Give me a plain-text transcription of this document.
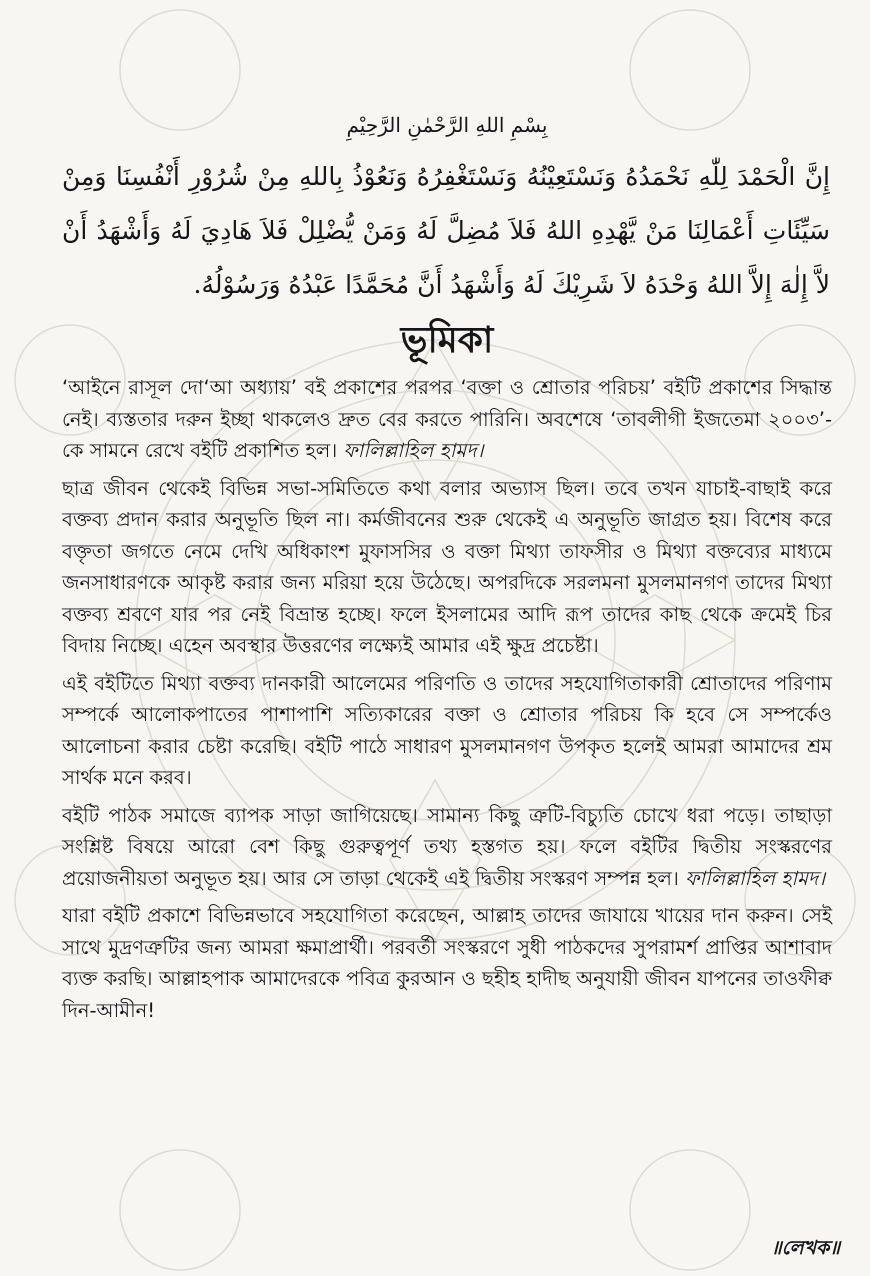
بِسْمِ اللهِ الرَّحْمٰنِ الرَّحِيْمِ

إِنَّ الْحَمْدَ لِلّٰهِ نَحْمَدُهُ وَنَسْتَعِيْنُهُ وَنَسْتَغْفِرُهُ وَنَعُوْذُ بِاللهِ مِنْ شُرُوْرِ أَنْفُسِنَا وَمِنْ سَيِّئَاتِ أَعْمَالِنَا مَنْ يَّهْدِهِ اللهُ فَلاَ مُضِلَّ لَهُ وَمَنْ يُّضْلِلْ فَلاَ هَادِيَ لَهُ وَأَشْهَدُ أَنْ لاَّ إِلٰهَ إِلاَّ اللهُ وَحْدَهُ لاَ شَرِيْكَ لَهُ وَأَشْهَدُ أَنَّ مُحَمَّدًا عَبْدُهُ وَرَسُوْلُهُ.

ভূমিকা

‘আইনে রাসূল দো‘আ অধ্যায়’ বই প্রকাশের পরপর ‘বক্তা ও শ্রোতার পরিচয়’ বইটি প্রকাশের সিদ্ধান্ত নেই। ব্যস্ততার দরুন ইচ্ছা থাকলেও দ্রুত বের করতে পারিনি। অবশেষে ‘তাবলীগী ইজতেমা ২০০৩’-কে সামনে রেখে বইটি প্রকাশিত হল। ফালিল্লাহিল হামদ।

ছাত্র জীবন থেকেই বিভিন্ন সভা-সমিতিতে কথা বলার অভ্যাস ছিল। তবে তখন যাচাই-বাছাই করে বক্তব্য প্রদান করার অনুভূতি ছিল না। কর্মজীবনের শুরু থেকেই এ অনুভূতি জাগ্রত হয়। বিশেষ করে বক্তৃতা জগতে নেমে দেখি অধিকাংশ মুফাসসির ও বক্তা মিথ্যা তাফসীর ও মিথ্যা বক্তব্যের মাধ্যমে জনসাধারণকে আকৃষ্ট করার জন্য মরিয়া হয়ে উঠেছে। অপরদিকে সরলমনা মুসলমানগণ তাদের মিথ্যা বক্তব্য শ্রবণে যার পর নেই বিভ্রান্ত হচ্ছে। ফলে ইসলামের আদি রূপ তাদের কাছ থেকে ক্রমেই চির বিদায় নিচ্ছে। এহেন অবস্থার উত্তরণের লক্ষ্যেই আমার এই ক্ষুদ্র প্রচেষ্টা।

এই বইটিতে মিথ্যা বক্তব্য দানকারী আলেমের পরিণতি ও তাদের সহযোগিতাকারী শ্রোতাদের পরিণাম সম্পর্কে আলোকপাতের পাশাপাশি সত্যিকারের বক্তা ও শ্রোতার পরিচয় কি হবে সে সম্পর্কেও আলোচনা করার চেষ্টা করেছি। বইটি পাঠে সাধারণ মুসলমানগণ উপকৃত হলেই আমরা আমাদের শ্রম সার্থক মনে করব।

বইটি পাঠক সমাজে ব্যাপক সাড়া জাগিয়েছে। সামান্য কিছু ত্রুটি-বিচ্যুতি চোখে ধরা পড়ে। তাছাড়া সংশ্লিষ্ট বিষয়ে আরো বেশ কিছু গুরুত্বপূর্ণ তথ্য হস্তগত হয়। ফলে বইটির দ্বিতীয় সংস্করণের প্রয়োজনীয়তা অনুভূত হয়। আর সে তাড়া থেকেই এই দ্বিতীয় সংস্করণ সম্পন্ন হল। ফালিল্লাহিল হামদ।

যারা বইটি প্রকাশে বিভিন্নভাবে সহযোগিতা করেছেন, আল্লাহ তাদের জাযায়ে খায়ের দান করুন। সেই সাথে মুদ্রণত্রুটির জন্য আমরা ক্ষমাপ্রার্থী। পরবর্তী সংস্করণে সুধী পাঠকদের সুপরামর্শ প্রাপ্তির আশাবাদ ব্যক্ত করছি। আল্লাহপাক আমাদেরকে পবিত্র কুরআন ও ছহীহ হাদীছ অনুযায়ী জীবন যাপনের তাওফীক্ব দিন-আমীন!

॥লেখক॥
